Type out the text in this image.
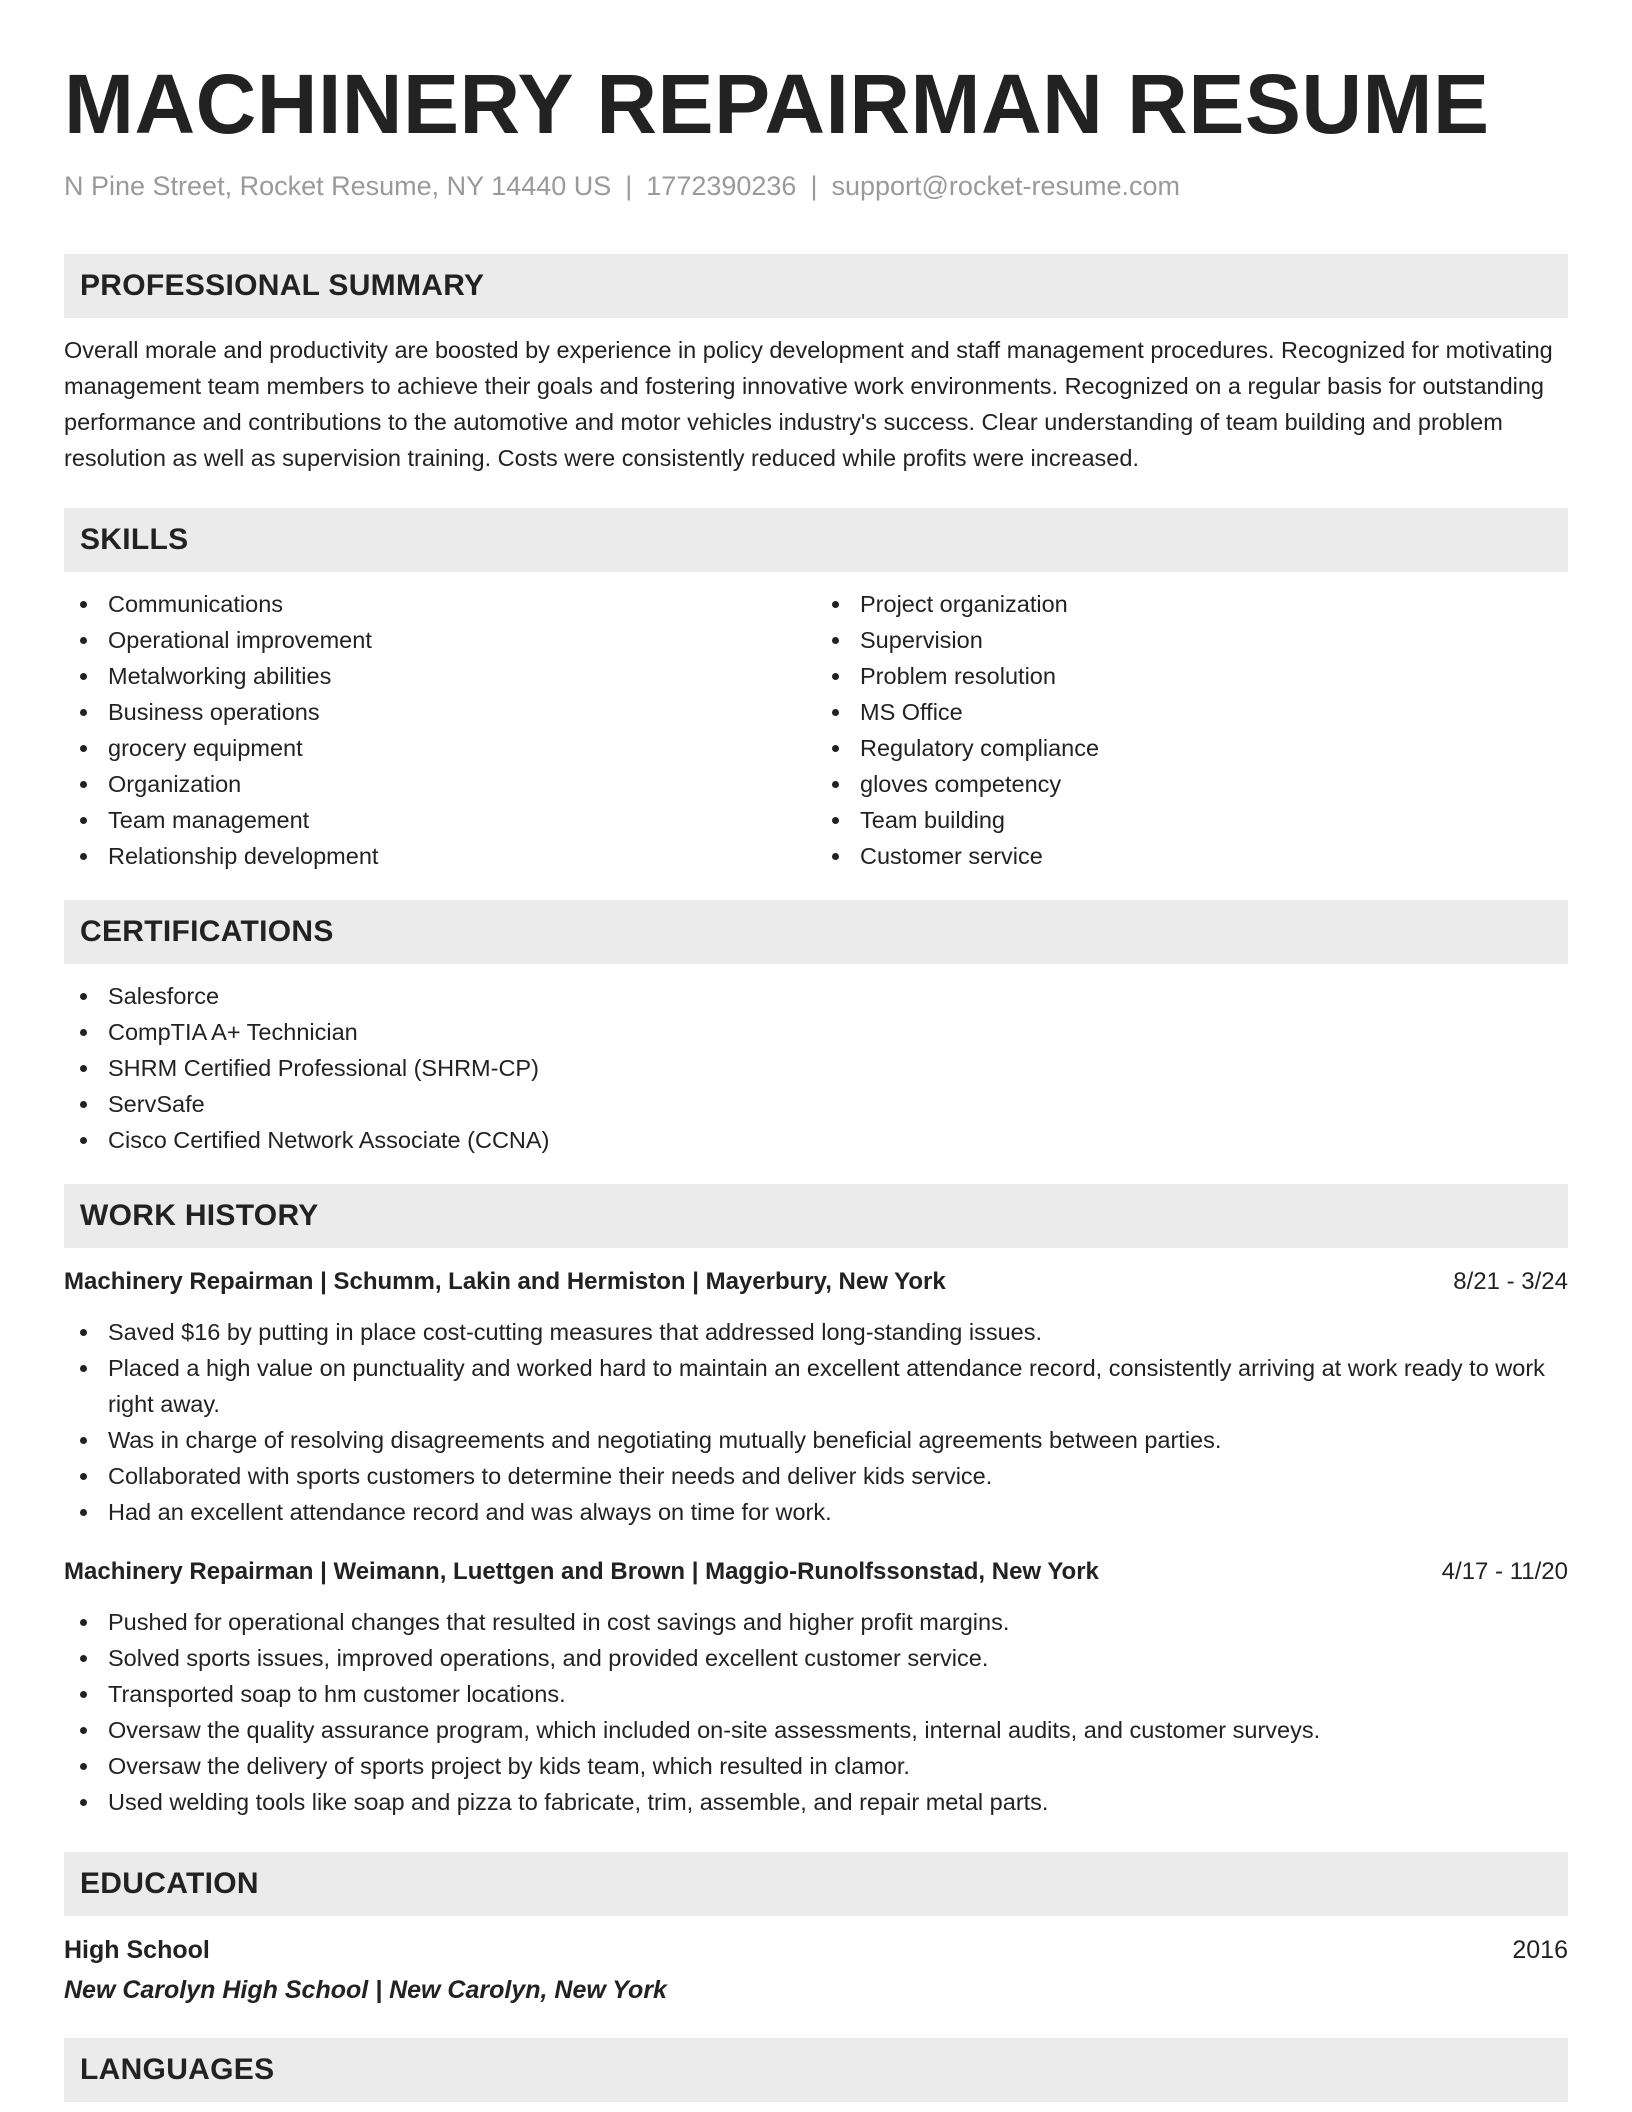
MACHINERY REPAIRMAN RESUME
N Pine Street, Rocket Resume, NY 14440 US | 1772390236 | support@rocket-resume.com
PROFESSIONAL SUMMARY

Overall morale and productivity are boosted by experience in policy development and staff management procedures. Recognized for motivating management team members to achieve their goals and fostering innovative work environments. Recognized on a regular basis for outstanding performance and contributions to the automotive and motor vehicles industry's success. Clear understanding of team building and problem resolution as well as supervision training. Costs were consistently reduced while profits were increased.

SKILLS
Communications
Operational improvement
Metalworking abilities
Business operations
grocery equipment
Organization
Team management
Relationship development
Project organization
Supervision
Problem resolution
MS Office
Regulatory compliance
gloves competency
Team building
Customer service
CERTIFICATIONS
Salesforce
CompTIA A+ Technician
SHRM Certified Professional (SHRM-CP)
ServSafe
Cisco Certified Network Associate (CCNA)
WORK HISTORY
Machinery Repairman | Schumm, Lakin and Hermiston | Mayerbury, New York	8/21 - 3/24
Saved $16 by putting in place cost-cutting measures that addressed long-standing issues.
Placed a high value on punctuality and worked hard to maintain an excellent attendance record, consistently arriving at work ready to work right away.
Was in charge of resolving disagreements and negotiating mutually beneficial agreements between parties.
Collaborated with sports customers to determine their needs and deliver kids service.
Had an excellent attendance record and was always on time for work.
Machinery Repairman | Weimann, Luettgen and Brown | Maggio-Runolfssonstad, New York	4/17 - 11/20
Pushed for operational changes that resulted in cost savings and higher profit margins.
Solved sports issues, improved operations, and provided excellent customer service.
Transported soap to hm customer locations.
Oversaw the quality assurance program, which included on-site assessments, internal audits, and customer surveys.
Oversaw the delivery of sports project by kids team, which resulted in clamor.
Used welding tools like soap and pizza to fabricate, trim, assemble, and repair metal parts.
EDUCATION
High School	2016
New Carolyn High School | New Carolyn, New York
LANGUAGES
